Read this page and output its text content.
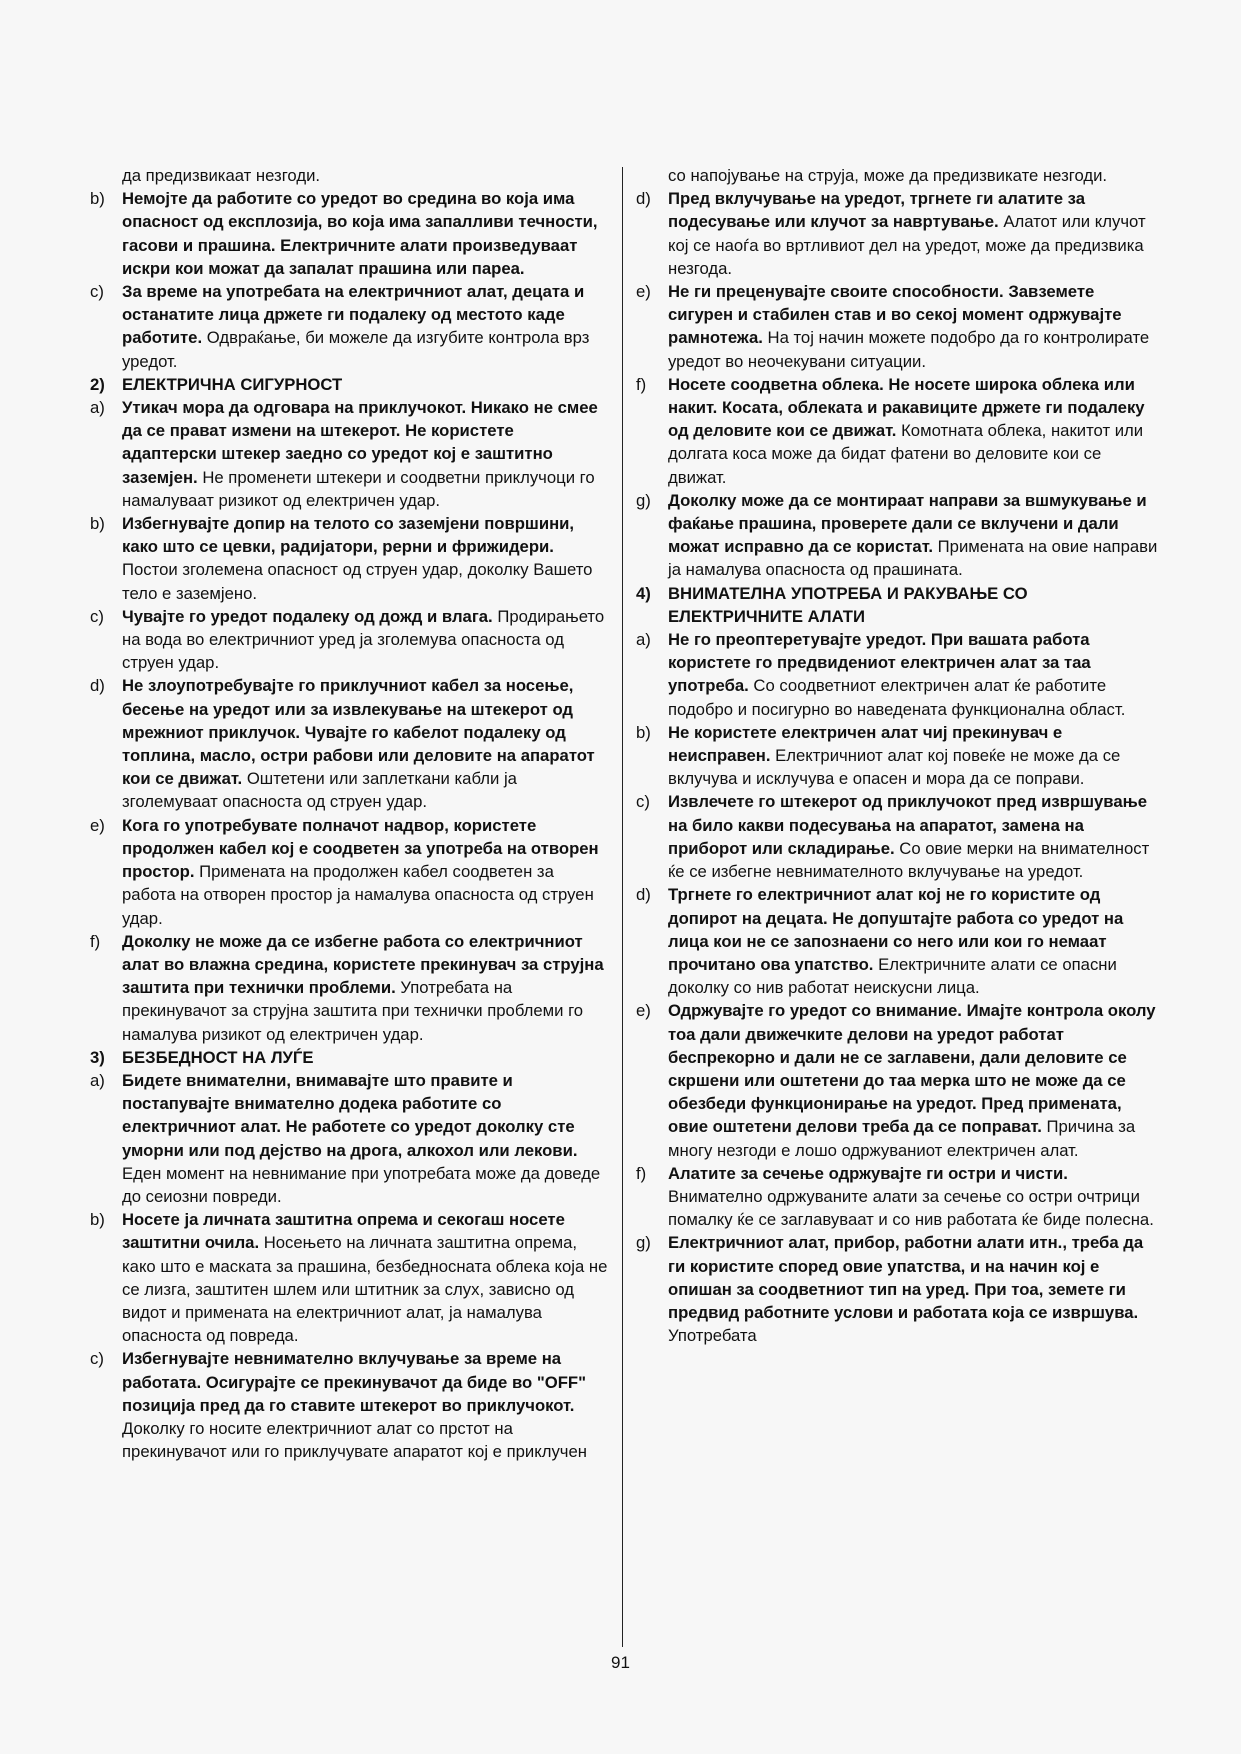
да предизвикаат незгоди.

b) Немојте да работите со уредот во средина во која има опасност од експлозија, во која има запалливи течности, гасови и прашина. Електричните алати произведуваат искри кои можат да запалат прашина или пареа.

c) За време на употребата на електричниот алат, децата и останатите лица држете ги подалеку од местото каде работите. Одвраќање, би можеле да изгубите контрола врз уредот.

2) ЕЛЕКТРИЧНА СИГУРНОСТ

a) Утикач мора да одговара на приклучокот. Никако не смее да се прават измени на штекерот. Не користете адаптерски штекер заедно со уредот кој е заштитно заземјен. Не променети штекери и соодветни приклучоци го намалуваат ризикот од електричен удар.

b) Избегнувајте допир на телото со заземјени површини, како што се цевки, радијатори, рерни и фрижидери. Постои зголемена опасност од струен удар, доколку Вашето тело е заземјено.

c) Чувајте го уредот подалеку од дожд и влага. Продирањето на вода во електричниот уред ја зголемува опасноста од струен удар.

d) Не злоупотребувајте го приклучниот кабел за носење, бесење на уредот или за извлекување на штекерот од мрежниот приклучок. Чувајте го кабелот подалеку од топлина, масло, остри рабови или деловите на апаратот кои се движат. Оштетени или заплеткани кабли ја зголемуваат опасноста од струен удар.

e) Кога го употребувате полначот надвор, користете продолжен кабел кој е соодветен за употреба на отворен простор. Примената на продолжен кабел соодветен за работа на отворен простор ја намалува опасноста од струен удар.

f) Доколку не може да се избегне работа со електричниот алат во влажна средина, користете прекинувач за струјна заштита при технички проблеми. Употребата на прекинувачот за струјна заштита при технички проблеми го намалува ризикот од електричен удар.

3) БЕЗБЕДНОСТ НА ЛУЃЕ

a) Бидете внимателни, внимавајте што правите и постапувајте внимателно додека работите со електричниот алат. Не работете со уредот доколку сте уморни или под дејство на дрога, алкохол или лекови. Еден момент на невнимание при употребата може да доведе до сеиозни повреди.

b) Носете ја личната заштитна опрема и секогаш носете заштитни очила. Носењето на личната заштитна опрема, како што е маската за прашина, безбедносната облека која не се лизга, заштитен шлем или штитник за слух, зависно од видот и примената на електричниот алат, ја намалува опасноста од повреда.

c) Избегнувајте невнимателно вклучување за време на работата. Осигурајте се прекинувачот да биде во "OFF" позиција пред да го ставите штекерот во приклучокот. Доколку го носите електричниот алат со прстот на прекинувачот или го приклучувате апаратот кој е приклучен

со напојување на струја, може да предизвикате незгоди.

d) Пред вклучување на уредот, тргнете ги алатите за подесување или клучот за навртување. Алатот или клучот кој се наоѓа во вртливиот дел на уредот, може да предизвика незгода.

e) Не ги прецeнувајте своите способности. Завземете сигурен и стабилен став и во секој момент одржувајте рамнотежа. На тој начин можете подобро да го контролирате уредот во неочекувани ситуации.

f) Носете соодветна облека. Не носете широка облека или накит. Косата, облеката и ракавиците држете ги подалеку од деловите кои се движат. Комотната облека, накитот или долгата коса може да бидат фатени во деловите кои се движат.

g) Доколку може да се монтираат направи за вшмукување и фаќање прашина, проверете дали се вклучени и дали можат исправно да се користат. Примената на овие направи ја намалува опасноста од прашината.

4) ВНИМАТЕЛНА УПОТРЕБА И РАКУВАЊЕ СО ЕЛЕКТРИЧНИТЕ АЛАТИ

a) Не го преоптеретувајте уредот. При вашата работа користете го предвидениот електричен алат за таа употреба. Со соодветниот електричен алат ќе работите подобро и посигурно во наведената функционална област.

b) Не користете електричен алат чиј прекинувач е неисправен. Електричниот алат кој повеќе не може да се вклучува и исклучува е опасен и мора да се поправи.

c) Извлечете го штекерот од приклучокот пред извршување на било какви подесувања на апаратот, замена на приборот или складирање. Со овие мерки на внимателност ќе се избегне невнимателното вклучување на уредот.

d) Тргнете го електричниот алат кој не го користите од допирот на децата. Не допуштајте работа со уредот на лица кои не се запознаени со него или кои го немаат прочитано ова упатство. Електричните алати се опасни доколку со нив работат неискусни лица.

e) Одржувајте го уредот со внимание. Имајте контрола околу тоа дали движечките делови на уредот работат беспрекорно и дали не се заглавени, дали деловите се скршени или оштетени до таа мерка што не може да се обезбеди функционирање на уредот. Пред примената, овие оштетени делови треба да се поправат. Причина за многу незгоди е лошо одржуваниот електричен алат.

f) Алатите за сечење одржувајте ги остри и чисти. Внимателно одржуваните алати за сечење со остри очтрици помалку ќе се заглавуваат и со нив работата ќе биде полесна.

g) Електричниот алат, прибор, работни алати итн., треба да ги користите според овие упатства, и на начин кој е опишан за соодветниот тип на уред. При тоа, земете ги предвид работните услови и работата која се извршува. Употребата

91
